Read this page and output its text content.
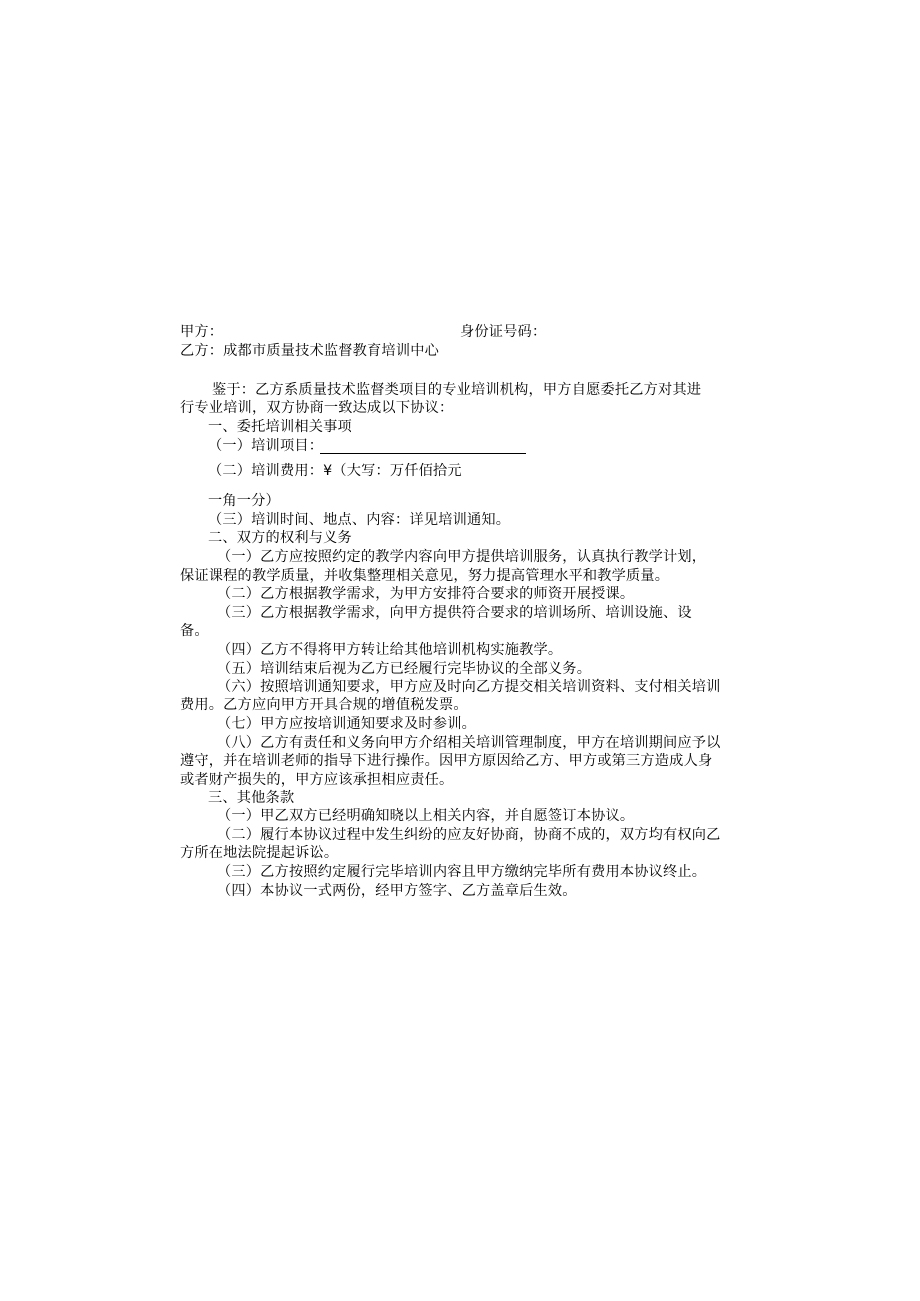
甲方：	身份证号码：
乙方：成都市质量技术监督教育培训中心
鉴于：乙方系质量技术监督类项目的专业培训机构，甲方自愿委托乙方对其进
行专业培训，双方协商一致达成以下协议：
一、委托培训相关事项
（一）培训项目：
（二）培训费用：¥（大写：万仟佰拾元
一角一分）
（三）培训时间、地点、内容：详见培训通知。
二、双方的权利与义务
（一）乙方应按照约定的教学内容向甲方提供培训服务，认真执行教学计划，
保证课程的教学质量，并收集整理相关意见，努力提高管理水平和教学质量。
（二）乙方根据教学需求，为甲方安排符合要求的师资开展授课。
（三）乙方根据教学需求，向甲方提供符合要求的培训场所、培训设施、设
备。
（四）乙方不得将甲方转让给其他培训机构实施教学。
（五）培训结束后视为乙方已经履行完毕协议的全部义务。
（六）按照培训通知要求，甲方应及时向乙方提交相关培训资料、支付相关培训
费用。乙方应向甲方开具合规的增值税发票。
（七）甲方应按培训通知要求及时参训。
（八）乙方有责任和义务向甲方介绍相关培训管理制度，甲方在培训期间应予以
遵守，并在培训老师的指导下进行操作。因甲方原因给乙方、甲方或第三方造成人身
或者财产损失的，甲方应该承担相应责任。
三、其他条款
（一）甲乙双方已经明确知晓以上相关内容，并自愿签订本协议。
（二）履行本协议过程中发生纠纷的应友好协商，协商不成的，双方均有权向乙
方所在地法院提起诉讼。
（三）乙方按照约定履行完毕培训内容且甲方缴纳完毕所有费用本协议终止。
（四）本协议一式两份，经甲方签字、乙方盖章后生效。
